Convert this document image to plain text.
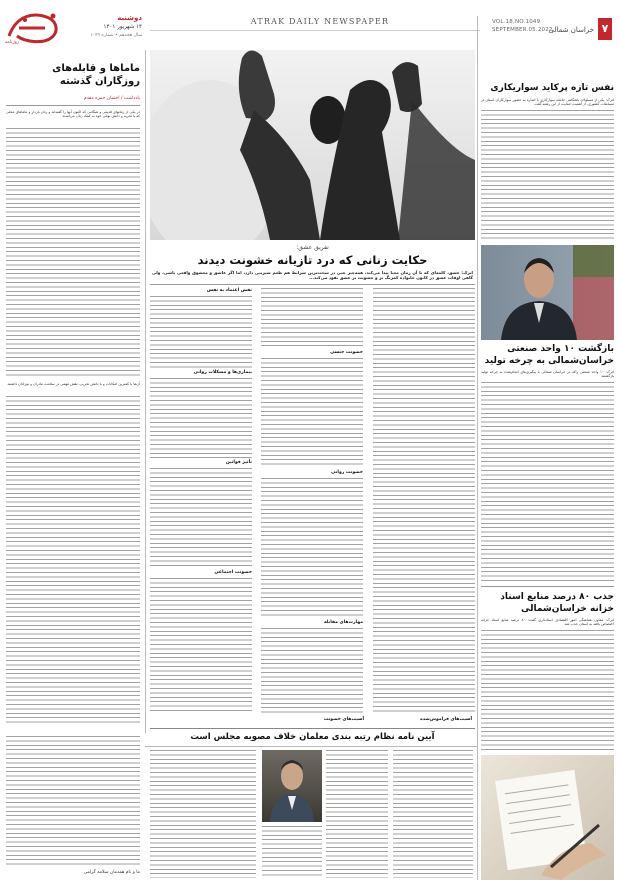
۷
خراسان شمالی
VOL.18,NO.1049
SEPTEMBER.05.2022
ATRAK DAILY NEWSPAPER
روزنامه
دوشنبه
۱۴ شهریور ۱۴۰۱
سال هجدهم • شماره ۱۰۴۹
ماماها و قابله‌های روزگاران گذشته
یادداشت / احسان حمزه مقدم
در یکی از زمانهای قدیمی و هنگامی که اکنون آنها را گفته‌اند و زنان باردار و ماماهای محلی که با تجربه و دانش بومی خود به کمک زنان می‌آمدند
آن‌ها با کمترین امکانات و با دانش تجربی، نقش مهمی در سلامت مادران و نوزادان داشتند
ما و نام همدمان سلامه گرامی
تفریق عشق:
حکایت زنانی که درد تازیانه خشونت دیدند
اترک: عشق، کلمه‌ای که تا آن زمان معنا پیدا می‌کند، همه‌چیز حتی در سخت‌ترین شرایط هم طعم شیرینی دارد، اما اگر عاشق و معشوق واقعی باشی، ولی گاهی اوقات عشق در کانون خانواده کمرنگ تر و خشونت بر عشق نفوذ می‌کند...
خشونت جنسی
خشونت روانی
مهارت‌های مقابله
نقش اعتماد به نفس
بیماری‌ها و مشکلات روانی
تأثیر قوانین
خشونت اجتماعی
آسیب‌های خشونت	آسیب‌های فراموش‌شده
آیین نامه نظام رتبه بندی معلمان خلاف مصوبه مجلس است
نفس تازه پرکاید سواریکاری
اترک: یکی از مسئولان باشگاهی جامعه سوارکاری با اشاره به حضور سوارکاران استان در مسابقات کشوری، از اهمیت حمایت از این رشته گفت
بازگشت ۱۰ واحد صنعتی خراسان‌شمالی به چرخه تولید
اترک: ۱۰ واحد صنعتی راکد در خراسان شمالی با پیگیری‌های انجام‌شده به چرخه تولید بازگشتند
جذب ۸۰ درصد منابع اسناد خزانه خراسان‌شمالی
اترک: معاون هماهنگی امور اقتصادی استانداری گفت: ۸۰ درصد منابع اسناد خزانه اختصاص یافته به استان جذب شد
